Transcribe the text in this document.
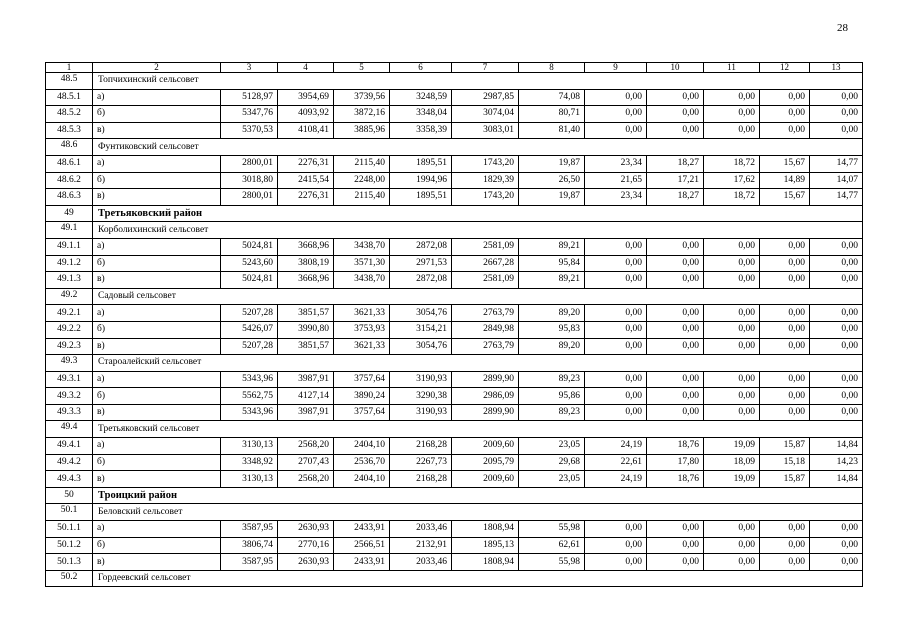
28
1	2	3	4	5	6	7	8	9	10	11	12	13
48.5	Топчихинский сельсовет											
48.5.1	а)	5128,97	3954,69	3739,56	3248,59	2987,85	74,08	0,00	0,00	0,00	0,00	0,00
48.5.2	б)	5347,76	4093,92	3872,16	3348,04	3074,04	80,71	0,00	0,00	0,00	0,00	0,00
48.5.3	в)	5370,53	4108,41	3885,96	3358,39	3083,01	81,40	0,00	0,00	0,00	0,00	0,00
48.6	Фунтиковский сельсовет											
48.6.1	а)	2800,01	2276,31	2115,40	1895,51	1743,20	19,87	23,34	18,27	18,72	15,67	14,77
48.6.2	б)	3018,80	2415,54	2248,00	1994,96	1829,39	26,50	21,65	17,21	17,62	14,89	14,07
48.6.3	в)	2800,01	2276,31	2115,40	1895,51	1743,20	19,87	23,34	18,27	18,72	15,67	14,77
49	Третьяковский район											
49.1	Корболихинский сельсовет											
49.1.1	а)	5024,81	3668,96	3438,70	2872,08	2581,09	89,21	0,00	0,00	0,00	0,00	0,00
49.1.2	б)	5243,60	3808,19	3571,30	2971,53	2667,28	95,84	0,00	0,00	0,00	0,00	0,00
49.1.3	в)	5024,81	3668,96	3438,70	2872,08	2581,09	89,21	0,00	0,00	0,00	0,00	0,00
49.2	Садовый сельсовет											
49.2.1	а)	5207,28	3851,57	3621,33	3054,76	2763,79	89,20	0,00	0,00	0,00	0,00	0,00
49.2.2	б)	5426,07	3990,80	3753,93	3154,21	2849,98	95,83	0,00	0,00	0,00	0,00	0,00
49.2.3	в)	5207,28	3851,57	3621,33	3054,76	2763,79	89,20	0,00	0,00	0,00	0,00	0,00
49.3	Староалейский сельсовет											
49.3.1	а)	5343,96	3987,91	3757,64	3190,93	2899,90	89,23	0,00	0,00	0,00	0,00	0,00
49.3.2	б)	5562,75	4127,14	3890,24	3290,38	2986,09	95,86	0,00	0,00	0,00	0,00	0,00
49.3.3	в)	5343,96	3987,91	3757,64	3190,93	2899,90	89,23	0,00	0,00	0,00	0,00	0,00
49.4	Третьяковский сельсовет											
49.4.1	а)	3130,13	2568,20	2404,10	2168,28	2009,60	23,05	24,19	18,76	19,09	15,87	14,84
49.4.2	б)	3348,92	2707,43	2536,70	2267,73	2095,79	29,68	22,61	17,80	18,09	15,18	14,23
49.4.3	в)	3130,13	2568,20	2404,10	2168,28	2009,60	23,05	24,19	18,76	19,09	15,87	14,84
50	Троицкий район											
50.1	Беловский сельсовет											
50.1.1	а)	3587,95	2630,93	2433,91	2033,46	1808,94	55,98	0,00	0,00	0,00	0,00	0,00
50.1.2	б)	3806,74	2770,16	2566,51	2132,91	1895,13	62,61	0,00	0,00	0,00	0,00	0,00
50.1.3	в)	3587,95	2630,93	2433,91	2033,46	1808,94	55,98	0,00	0,00	0,00	0,00	0,00
50.2	Гордеевский сельсовет											
